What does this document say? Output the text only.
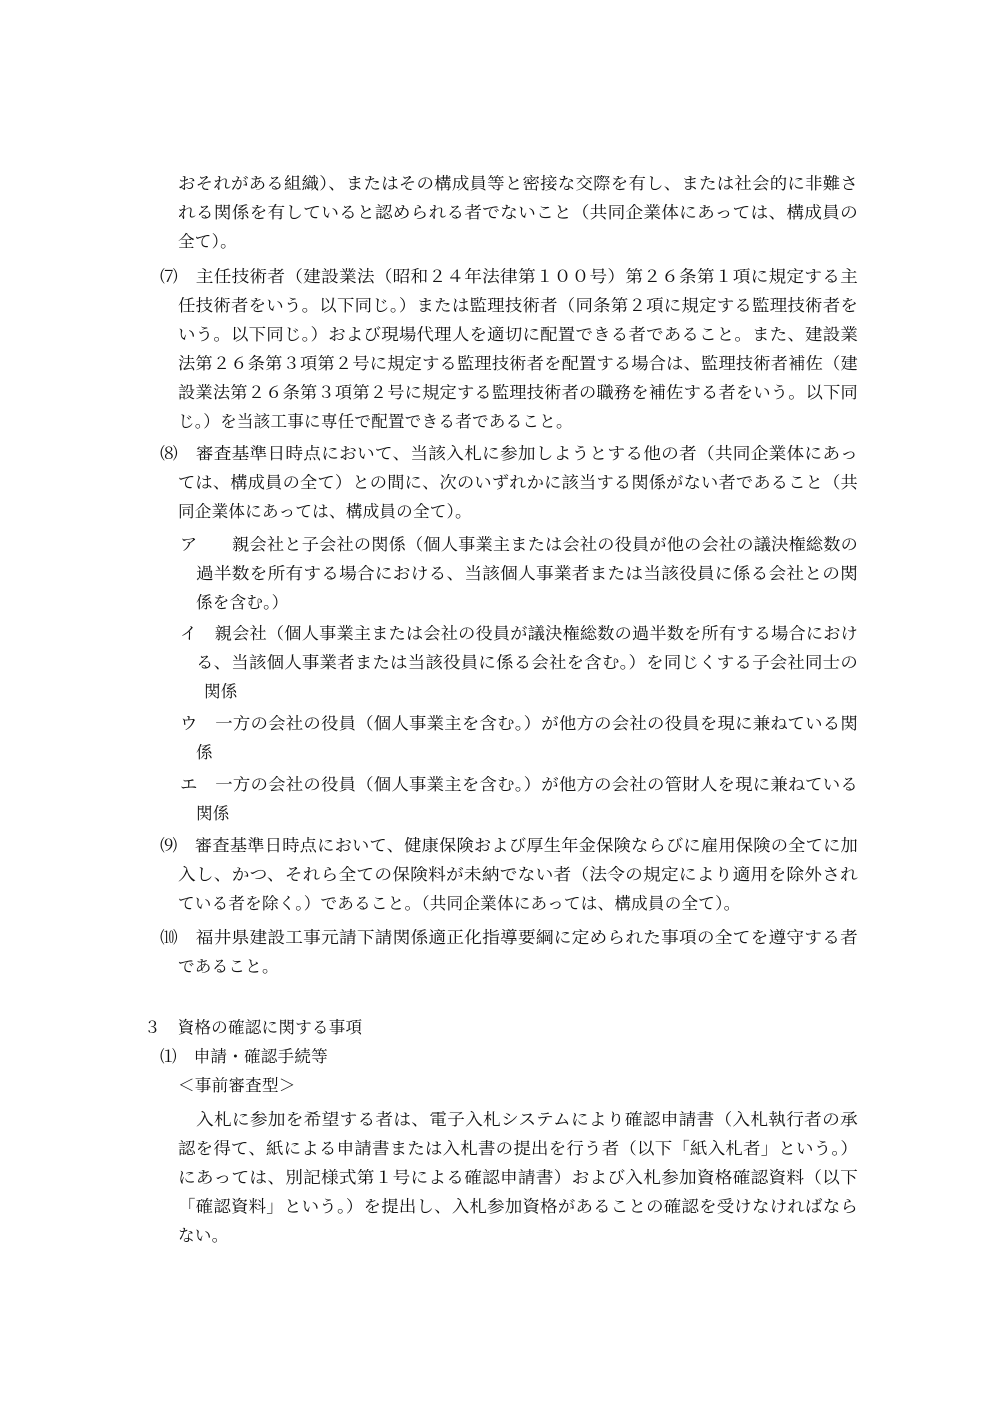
おそれがある組織）、またはその構成員等と密接な交際を有し、または社会的に非難さ
れる関係を有していると認められる者でないこと（共同企業体にあっては、構成員の
全て）。
⑺　主任技術者（建設業法（昭和２４年法律第１００号）第２６条第１項に規定する主
任技術者をいう。以下同じ。）または監理技術者（同条第２項に規定する監理技術者を
いう。以下同じ。）および現場代理人を適切に配置できる者であること。また、建設業
法第２６条第３項第２号に規定する監理技術者を配置する場合は、監理技術者補佐（建
設業法第２６条第３項第２号に規定する監理技術者の職務を補佐する者をいう。以下同
じ。）を当該工事に専任で配置できる者であること。
⑻　審査基準日時点において、当該入札に参加しようとする他の者（共同企業体にあっ
ては、構成員の全て）との間に、次のいずれかに該当する関係がない者であること（共
同企業体にあっては、構成員の全て）。
ア　　親会社と子会社の関係（個人事業主または会社の役員が他の会社の議決権総数の
過半数を所有する場合における、当該個人事業者または当該役員に係る会社との関
係を含む。）
イ　親会社（個人事業主または会社の役員が議決権総数の過半数を所有する場合におけ
る、当該個人事業者または当該役員に係る会社を含む。）を同じくする子会社同士の
関係
ウ　一方の会社の役員（個人事業主を含む。）が他方の会社の役員を現に兼ねている関
係
エ　一方の会社の役員（個人事業主を含む。）が他方の会社の管財人を現に兼ねている
関係
⑼　審査基準日時点において、健康保険および厚生年金保険ならびに雇用保険の全てに加
入し、かつ、それら全ての保険料が未納でない者（法令の規定により適用を除外され
ている者を除く。）であること。（共同企業体にあっては、構成員の全て）。
⑽　福井県建設工事元請下請関係適正化指導要綱に定められた事項の全てを遵守する者
であること。
３　資格の確認に関する事項
⑴　申請・確認手続等
＜事前審査型＞
入札に参加を希望する者は、電子入札システムにより確認申請書（入札執行者の承
認を得て、紙による申請書または入札書の提出を行う者（以下「紙入札者」という。）
にあっては、別記様式第１号による確認申請書）および入札参加資格確認資料（以下
「確認資料」という。）を提出し、入札参加資格があることの確認を受けなければなら
ない。
